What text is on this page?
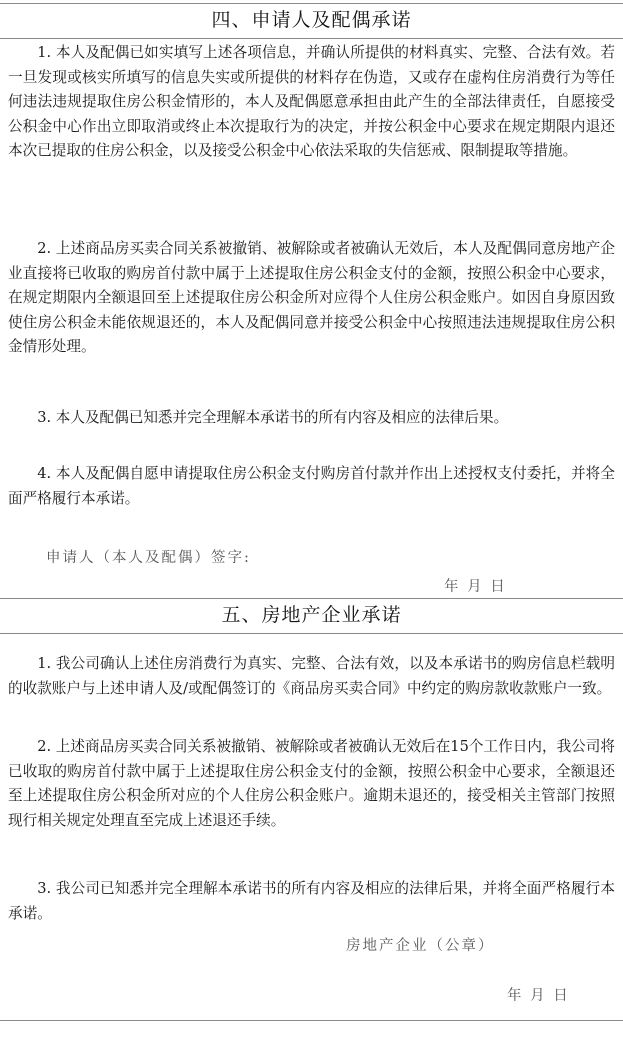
四、申请人及配偶承诺

1. 本人及配偶已如实填写上述各项信息，并确认所提供的材料真实、完整、合法有效。若一旦发现或核实所填写的信息失实或所提供的材料存在伪造，又或存在虚构住房消费行为等任何违法违规提取住房公积金情形的，本人及配偶愿意承担由此产生的全部法律责任，自愿接受公积金中心作出立即取消或终止本次提取行为的决定，并按公积金中心要求在规定期限内退还本次已提取的住房公积金，以及接受公积金中心依法采取的失信惩戒、限制提取等措施。

2. 上述商品房买卖合同关系被撤销、被解除或者被确认无效后，本人及配偶同意房地产企业直接将已收取的购房首付款中属于上述提取住房公积金支付的金额，按照公积金中心要求，在规定期限内全额退回至上述提取住房公积金所对应得个人住房公积金账户。如因自身原因致使住房公积金未能依规退还的，本人及配偶同意并接受公积金中心按照违法违规提取住房公积金情形处理。

3. 本人及配偶已知悉并完全理解本承诺书的所有内容及相应的法律后果。

4. 本人及配偶自愿申请提取住房公积金支付购房首付款并作出上述授权支付委托，并将全面严格履行本承诺。

申请人（本人及配偶）签字:
年 月 日
五、房地产企业承诺

1. 我公司确认上述住房消费行为真实、完整、合法有效，以及本承诺书的购房信息栏载明的收款账户与上述申请人及/或配偶签订的《商品房买卖合同》中约定的购房款收款账户一致。

2. 上述商品房买卖合同关系被撤销、被解除或者被确认无效后在15个工作日内，我公司将已收取的购房首付款中属于上述提取住房公积金支付的金额，按照公积金中心要求，全额退还至上述提取住房公积金所对应的个人住房公积金账户。逾期未退还的，接受相关主管部门按照现行相关规定处理直至完成上述退还手续。

3. 我公司已知悉并完全理解本承诺书的所有内容及相应的法律后果，并将全面严格履行本承诺。

房地产企业（公章）
年 月 日
